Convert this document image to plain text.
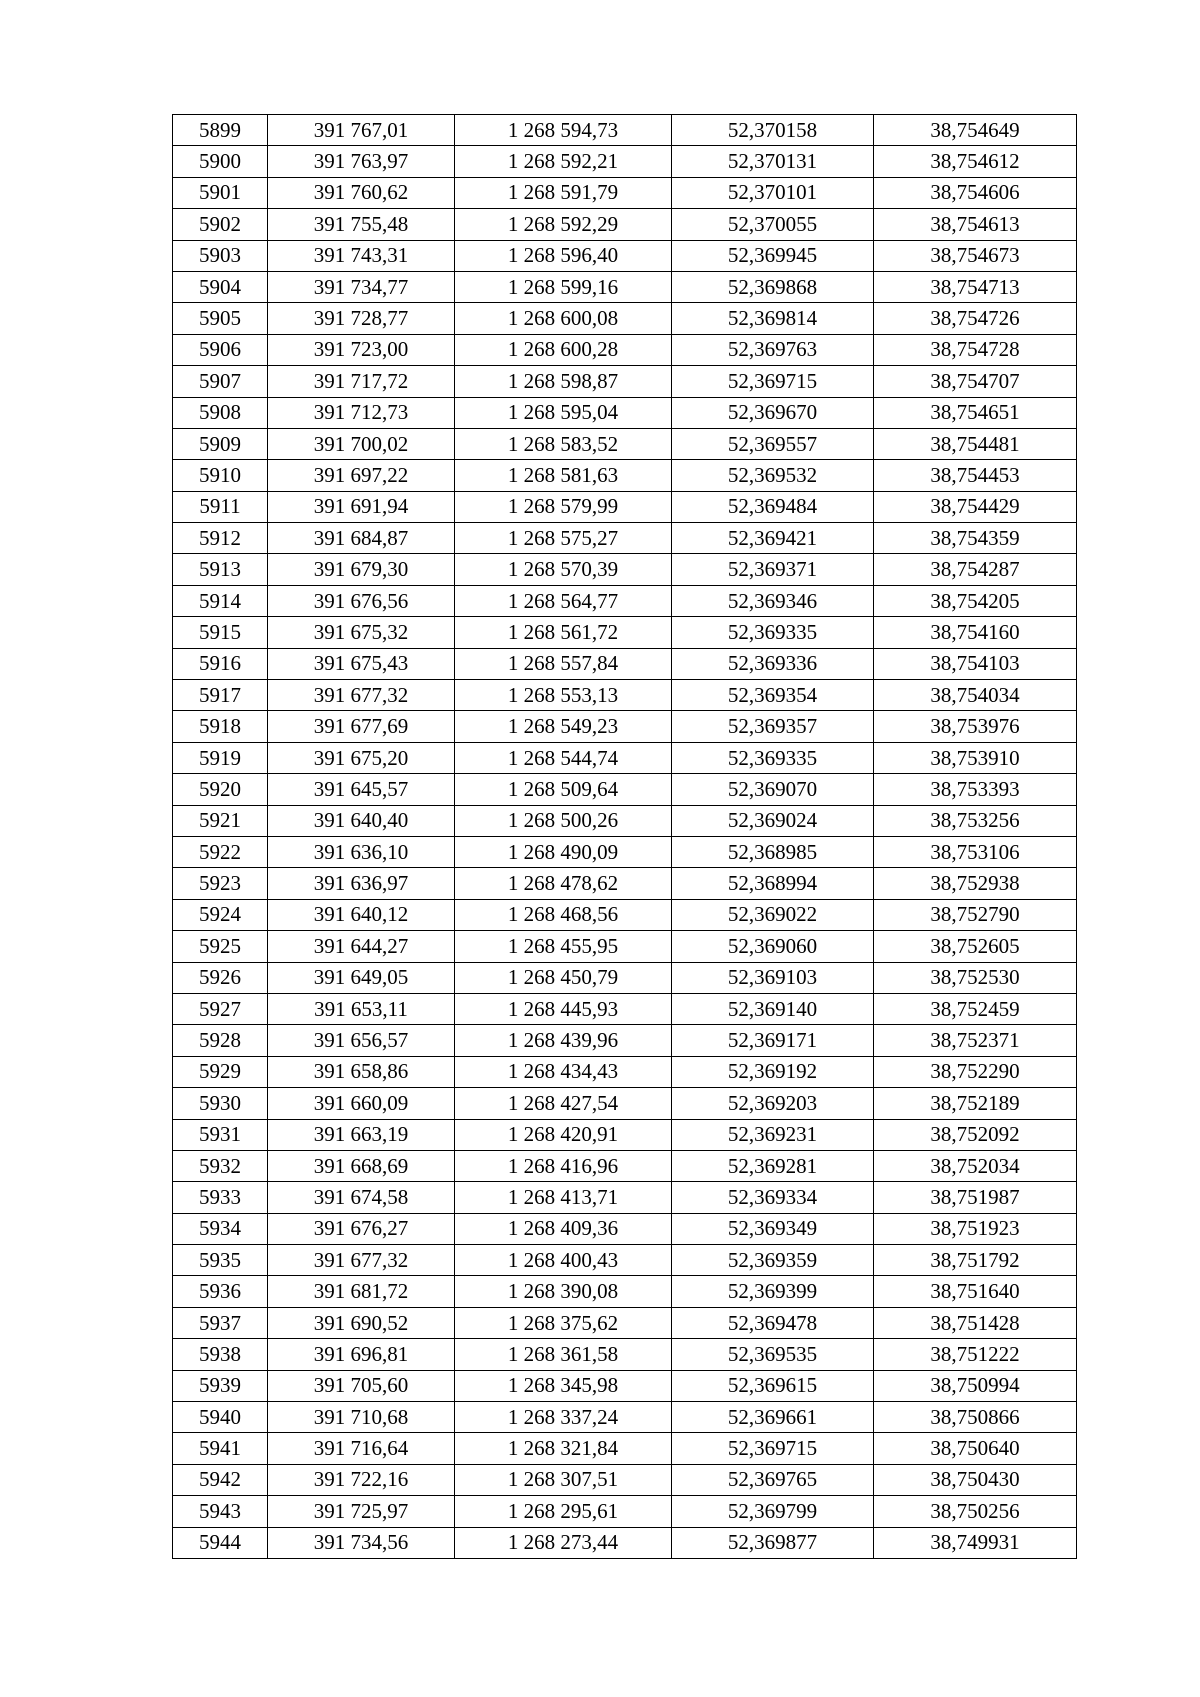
5899	391 767,01	1 268 594,73	52,370158	38,754649
5900	391 763,97	1 268 592,21	52,370131	38,754612
5901	391 760,62	1 268 591,79	52,370101	38,754606
5902	391 755,48	1 268 592,29	52,370055	38,754613
5903	391 743,31	1 268 596,40	52,369945	38,754673
5904	391 734,77	1 268 599,16	52,369868	38,754713
5905	391 728,77	1 268 600,08	52,369814	38,754726
5906	391 723,00	1 268 600,28	52,369763	38,754728
5907	391 717,72	1 268 598,87	52,369715	38,754707
5908	391 712,73	1 268 595,04	52,369670	38,754651
5909	391 700,02	1 268 583,52	52,369557	38,754481
5910	391 697,22	1 268 581,63	52,369532	38,754453
5911	391 691,94	1 268 579,99	52,369484	38,754429
5912	391 684,87	1 268 575,27	52,369421	38,754359
5913	391 679,30	1 268 570,39	52,369371	38,754287
5914	391 676,56	1 268 564,77	52,369346	38,754205
5915	391 675,32	1 268 561,72	52,369335	38,754160
5916	391 675,43	1 268 557,84	52,369336	38,754103
5917	391 677,32	1 268 553,13	52,369354	38,754034
5918	391 677,69	1 268 549,23	52,369357	38,753976
5919	391 675,20	1 268 544,74	52,369335	38,753910
5920	391 645,57	1 268 509,64	52,369070	38,753393
5921	391 640,40	1 268 500,26	52,369024	38,753256
5922	391 636,10	1 268 490,09	52,368985	38,753106
5923	391 636,97	1 268 478,62	52,368994	38,752938
5924	391 640,12	1 268 468,56	52,369022	38,752790
5925	391 644,27	1 268 455,95	52,369060	38,752605
5926	391 649,05	1 268 450,79	52,369103	38,752530
5927	391 653,11	1 268 445,93	52,369140	38,752459
5928	391 656,57	1 268 439,96	52,369171	38,752371
5929	391 658,86	1 268 434,43	52,369192	38,752290
5930	391 660,09	1 268 427,54	52,369203	38,752189
5931	391 663,19	1 268 420,91	52,369231	38,752092
5932	391 668,69	1 268 416,96	52,369281	38,752034
5933	391 674,58	1 268 413,71	52,369334	38,751987
5934	391 676,27	1 268 409,36	52,369349	38,751923
5935	391 677,32	1 268 400,43	52,369359	38,751792
5936	391 681,72	1 268 390,08	52,369399	38,751640
5937	391 690,52	1 268 375,62	52,369478	38,751428
5938	391 696,81	1 268 361,58	52,369535	38,751222
5939	391 705,60	1 268 345,98	52,369615	38,750994
5940	391 710,68	1 268 337,24	52,369661	38,750866
5941	391 716,64	1 268 321,84	52,369715	38,750640
5942	391 722,16	1 268 307,51	52,369765	38,750430
5943	391 725,97	1 268 295,61	52,369799	38,750256
5944	391 734,56	1 268 273,44	52,369877	38,749931
